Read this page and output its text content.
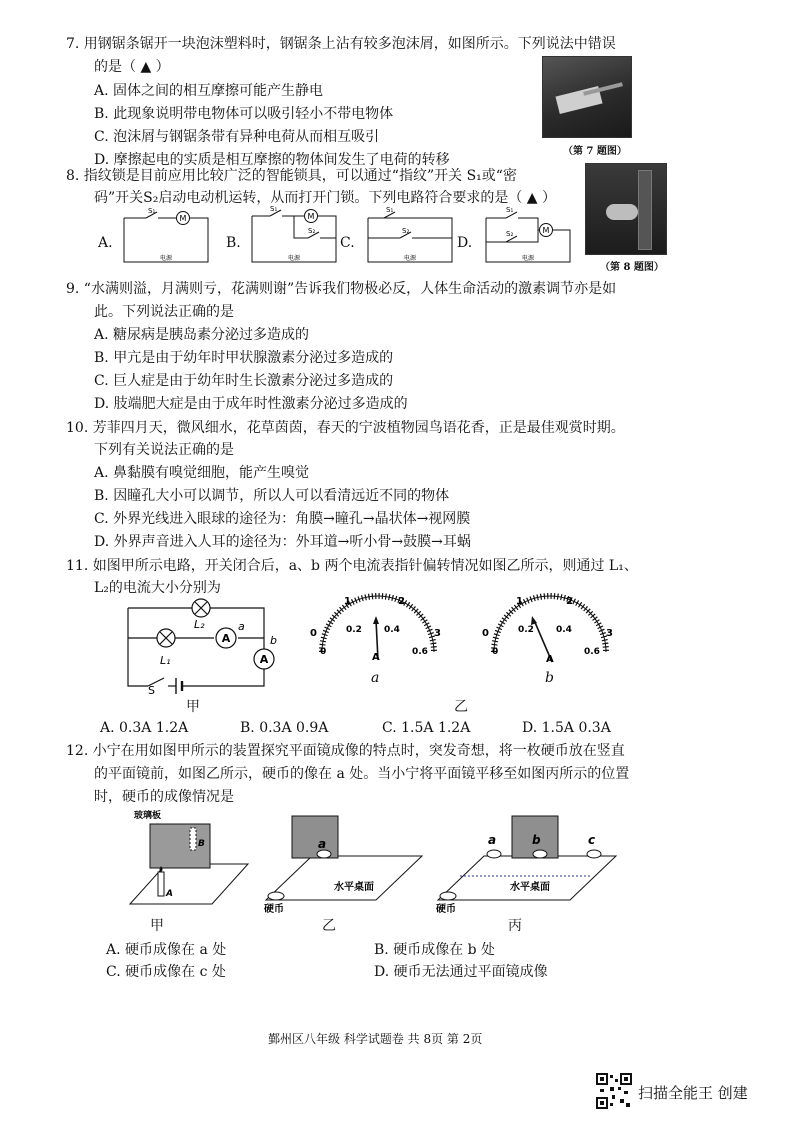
7. 用钢锯条锯开一块泡沫塑料时，钢锯条上沾有较多泡沫屑，如图所示。下列说法中错误
的是（ ▲ ）
A. 固体之间的相互摩擦可能产生静电
B. 此现象说明带电物体可以吸引轻小不带电物体
C. 泡沫屑与钢锯条带有异种电荷从而相互吸引
D. 摩擦起电的实质是相互摩擦的物体间发生了电荷的转移
（第 7 题图）
8. 指纹锁是目前应用比较广泛的智能锁具，可以通过“指纹”开关 S₁或“密
码”开关S₂启动电动机运转，从而打开门锁。下列电路符合要求的是（ ▲ ）
（第 8 题图）
A.	B.	C.	D.
M
S₁
电源
M
S₁
S₂
电源
S₁
S₂
电源
M
S₁
S₂
电源
9. “水满则溢，月满则亏，花满则谢”告诉我们物极必反，人体生命活动的激素调节亦是如
此。下列说法正确的是
A. 糖尿病是胰岛素分泌过多造成的
B. 甲亢是由于幼年时甲状腺激素分泌过多造成的
C. 巨人症是由于幼年时生长激素分泌过多造成的
D. 肢端肥大症是由于成年时性激素分泌过多造成的
10. 芳菲四月天，微风细水，花草茵茵，春天的宁波植物园鸟语花香，正是最佳观赏时期。
下列有关说法正确的是
A. 鼻黏膜有嗅觉细胞，能产生嗅觉
B. 因瞳孔大小可以调节，所以人可以看清远近不同的物体
C. 外界光线进入眼球的途径为：角膜→瞳孔→晶状体→视网膜
D. 外界声音进入人耳的途径为：外耳道→听小骨→鼓膜→耳蜗
11. 如图甲所示电路，开关闭合后，a、b 两个电流表指针偏转情况如图乙所示，则通过 L₁、
L₂的电流大小分别为
A
A
L₂
L₁
a
b
S
甲
0
1	2
3
0
0.2 0.4
0.6
A
a
0
1	2
3
0
0.2 0.4
0.6
A
b
乙
A. 0.3A 1.2A	B. 0.3A 0.9A	C. 1.5A 1.2A	D. 1.5A 0.3A
12. 小宁在用如图甲所示的装置探究平面镜成像的特点时，突发奇想，将一枚硬币放在竖直
的平面镜前，如图乙所示，硬币的像在 a 处。当小宁将平面镜平移至如图丙所示的位置
时，硬币的成像情况是
玻璃板
B
A
甲
a
水平桌面
硬币
乙
a	b	c
水平桌面
硬币
丙
A. 硬币成像在 a 处	B. 硬币成像在 b 处
C. 硬币成像在 c 处	D. 硬币无法通过平面镜成像
鄞州区八年级 科学试题卷 共 8页 第 2页
扫描全能王 创建
